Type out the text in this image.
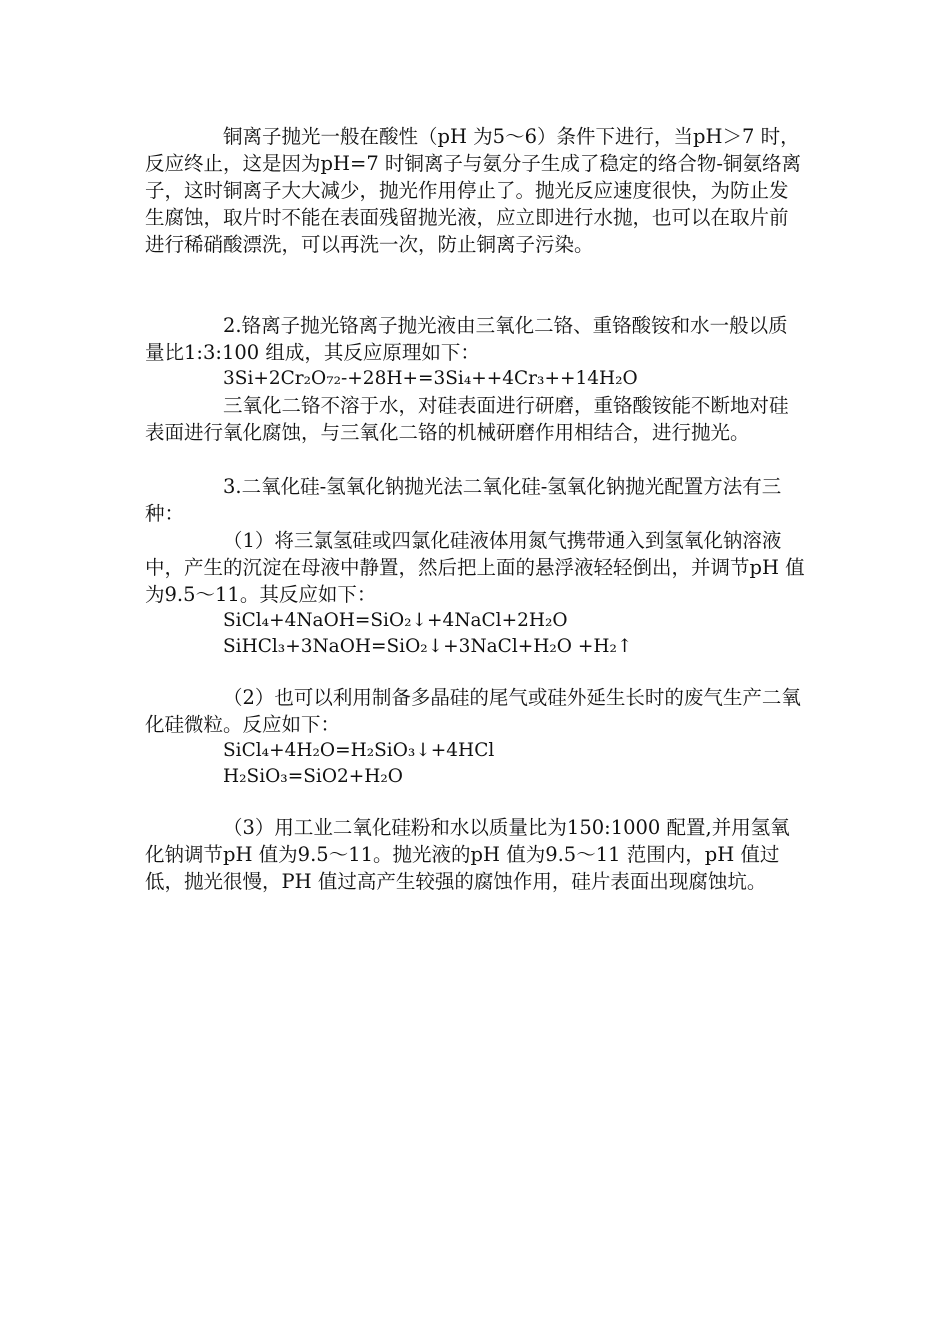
铜离子抛光一般在酸性（pH 为5～6）条件下进行，当pH＞7 时，反应终止，这是因为pH=7 时铜离子与氨分子生成了稳定的络合物-铜氨络离子，这时铜离子大大减少，抛光作用停止了。抛光反应速度很快，为防止发生腐蚀，取片时不能在表面残留抛光液，应立即进行水抛，也可以在取片前进行稀硝酸漂洗，可以再洗一次，防止铜离子污染。

2.铬离子抛光铬离子抛光液由三氧化二铬、重铬酸铵和水一般以质量比1:3:100 组成，其反应原理如下：

3Si+2Cr₂O₇₂-+28H+=3Si₄++4Cr₃++14H₂O

三氧化二铬不溶于水，对硅表面进行研磨，重铬酸铵能不断地对硅表面进行氧化腐蚀，与三氧化二铬的机械研磨作用相结合，进行抛光。

3.二氧化硅-氢氧化钠抛光法二氧化硅-氢氧化钠抛光配置方法有三种：

（1）将三氯氢硅或四氯化硅液体用氮气携带通入到氢氧化钠溶液中，产生的沉淀在母液中静置，然后把上面的悬浮液轻轻倒出，并调节pH 值为9.5～11。其反应如下：

SiCl₄+4NaOH=SiO₂↓+4NaCl+2H₂O

SiHCl₃+3NaOH=SiO₂↓+3NaCl+H₂O +H₂↑

（2）也可以利用制备多晶硅的尾气或硅外延生长时的废气生产二氧化硅微粒。反应如下：

SiCl₄+4H₂O=H₂SiO₃↓+4HCl

H₂SiO₃=SiO2+H₂O

（3）用工业二氧化硅粉和水以质量比为150:1000 配置,并用氢氧化钠调节pH 值为9.5～11。抛光液的pH 值为9.5～11 范围内，pH 值过低，抛光很慢，PH 值过高产生较强的腐蚀作用，硅片表面出现腐蚀坑。
